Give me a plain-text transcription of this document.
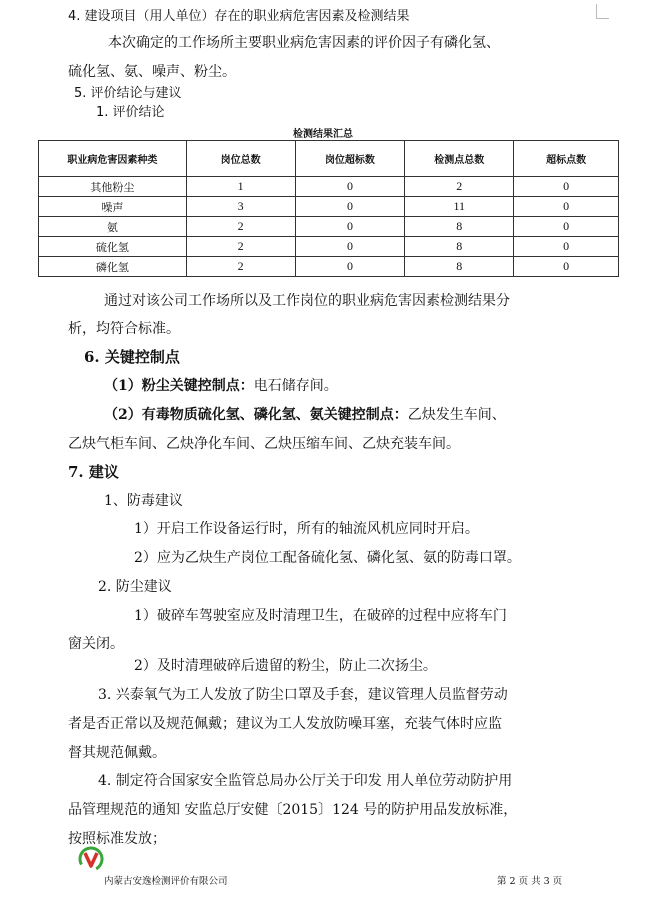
4. 建设项目（用人单位）存在的职业病危害因素及检测结果
本次确定的工作场所主要职业病危害因素的评价因子有磷化氢、
硫化氢、氨、噪声、粉尘。
5. 评价结论与建议
1. 评价结论
检测结果汇总
职业病危害因素种类	岗位总数	岗位超标数	检测点总数	超标点数
其他粉尘	1	0	2	0
噪声	3	0	11	0
氨	2	0	8	0
硫化氢	2	0	8	0
磷化氢	2	0	8	0
通过对该公司工作场所以及工作岗位的职业病危害因素检测结果分
析，均符合标准。
6. 关键控制点
（1）粉尘关键控制点：电石储存间。
（2）有毒物质硫化氢、磷化氢、氨关键控制点：乙炔发生车间、
乙炔气柜车间、乙炔净化车间、乙炔压缩车间、乙炔充装车间。
7. 建议
1、防毒建议
1）开启工作设备运行时，所有的轴流风机应同时开启。
2）应为乙炔生产岗位工配备硫化氢、磷化氢、氨的防毒口罩。
2. 防尘建议
1）破碎车驾驶室应及时清理卫生，在破碎的过程中应将车门
窗关闭。
2）及时清理破碎后遗留的粉尘，防止二次扬尘。
3. 兴泰氧气为工人发放了防尘口罩及手套，建议管理人员监督劳动
者是否正常以及规范佩戴；建议为工人发放防噪耳塞，充装气体时应监
督其规范佩戴。
4. 制定符合国家安全监管总局办公厅关于印发 用人单位劳动防护用
品管理规范的通知 安监总厅安健〔2015〕124 号的防护用品发放标准，
按照标准发放；
内蒙古安逸检测评价有限公司	第 2 页 共 3 页
